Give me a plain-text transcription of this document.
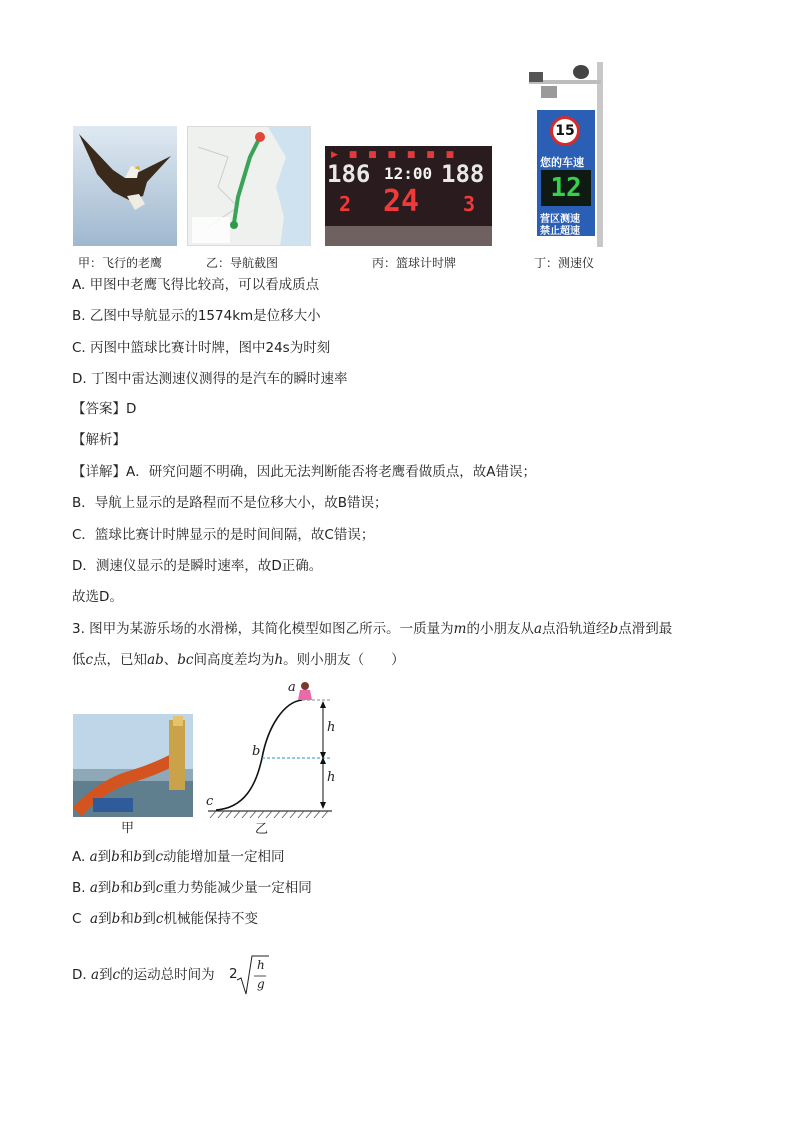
▶ ■ ■ ■ ■ ■ ■
186 12:00 188
2 24 3
15
您的车速
12
营区测速
禁止超速
甲：飞行的老鹰	乙：导航截图	丙：篮球计时牌	丁：测速仪
A. 甲图中老鹰飞得比较高，可以看成质点
B. 乙图中导航显示的1574km是位移大小
C. 丙图中篮球比赛计时牌，图中24s为时刻
D. 丁图中雷达测速仪测得的是汽车的瞬时速率
【答案】D
【解析】
【详解】A．研究问题不明确，因此无法判断能否将老鹰看做质点，故A错误；
B．导航上显示的是路程而不是位移大小，故B错误；
C．篮球比赛计时牌显示的是时间间隔，故C错误；
D．测速仪显示的是瞬时速率，故D正确。
故选D。
3. 图甲为某游乐场的水滑梯，其简化模型如图乙所示。一质量为m的小朋友从a点沿轨道经b点滑到最
低c点，已知ab、bc间高度差均为h。则小朋友（　　）
a
b
c
h
h
甲	乙
A. a到b和b到c动能增加量一定相同
B. a到b和b到c重力势能减少量一定相同
C a到b和b到c机械能保持不变
D. a到c的运动总时间为 2
h
g
